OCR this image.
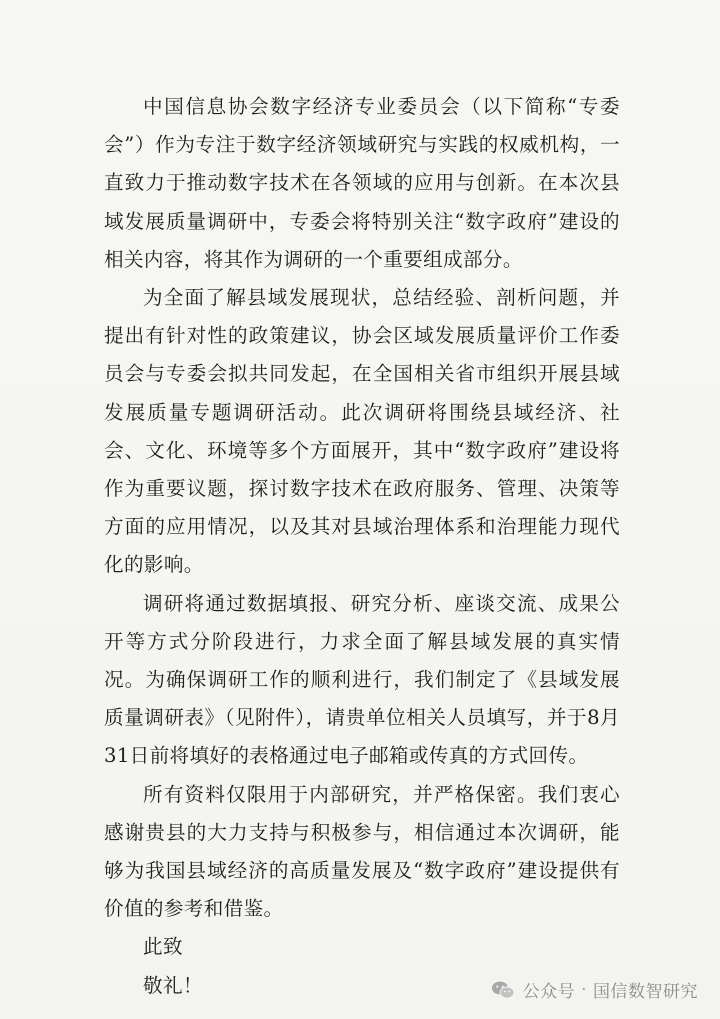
中国信息协会数字经济专业委员会（以下简称“专委会”）作为专注于数字经济领域研究与实践的权威机构，一直致力于推动数字技术在各领域的应用与创新。在本次县域发展质量调研中，专委会将特别关注“数字政府”建设的相关内容，将其作为调研的一个重要组成部分。

为全面了解县域发展现状，总结经验、剖析问题，并提出有针对性的政策建议，协会区域发展质量评价工作委员会与专委会拟共同发起，在全国相关省市组织开展县域发展质量专题调研活动。此次调研将围绕县域经济、社会、文化、环境等多个方面展开，其中“数字政府”建设将作为重要议题，探讨数字技术在政府服务、管理、决策等方面的应用情况，以及其对县域治理体系和治理能力现代化的影响。

调研将通过数据填报、研究分析、座谈交流、成果公开等方式分阶段进行，力求全面了解县域发展的真实情况。为确保调研工作的顺利进行，我们制定了《县域发展质量调研表》（见附件），请贵单位相关人员填写，并于8月31日前将填好的表格通过电子邮箱或传真的方式回传。

所有资料仅限用于内部研究，并严格保密。我们衷心感谢贵县的大力支持与积极参与，相信通过本次调研，能够为我国县域经济的高质量发展及“数字政府”建设提供有价值的参考和借鉴。

此致

敬礼！	公众号 · 国信数智研究
